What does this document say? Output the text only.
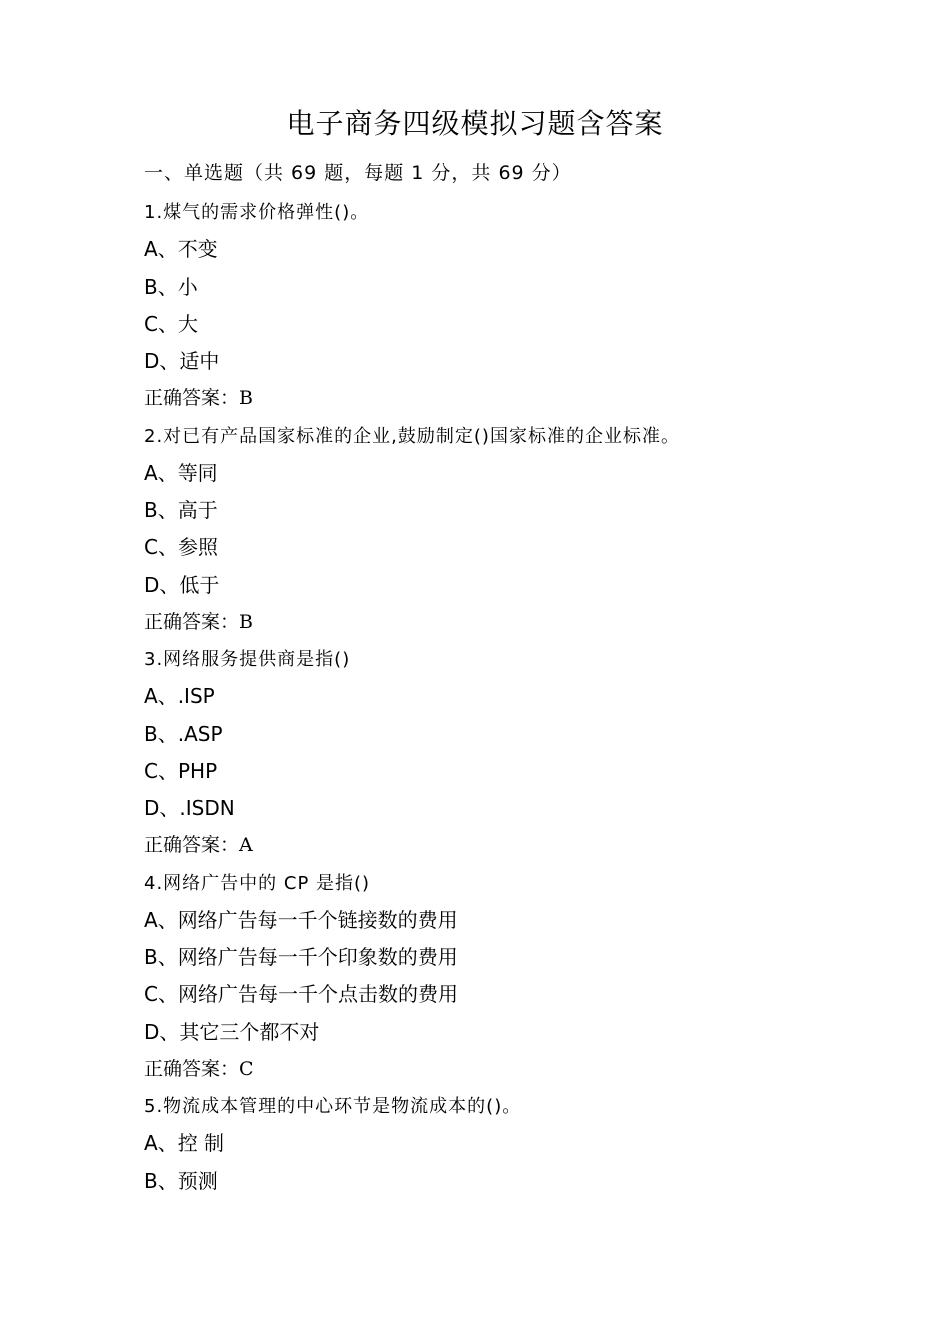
电子商务四级模拟习题含答案
一、单选题（共 69 题，每题 1 分，共 69 分）
1.煤气的需求价格弹性()。
A、不变
B、小
C、大
D、适中
正确答案：B
2.对已有产品国家标准的企业,鼓励制定()国家标准的企业标准。
A、等同
B、高于
C、参照
D、低于
正确答案：B
3.网络服务提供商是指()
A、.ISP
B、.ASP
C、PHP
D、.ISDN
正确答案：A
4.网络广告中的 CP 是指()
A、网络广告每一千个链接数的费用
B、网络广告每一千个印象数的费用
C、网络广告每一千个点击数的费用
D、其它三个都不对
正确答案：C
5.物流成本管理的中心环节是物流成本的()。
A、控 制
B、预测
